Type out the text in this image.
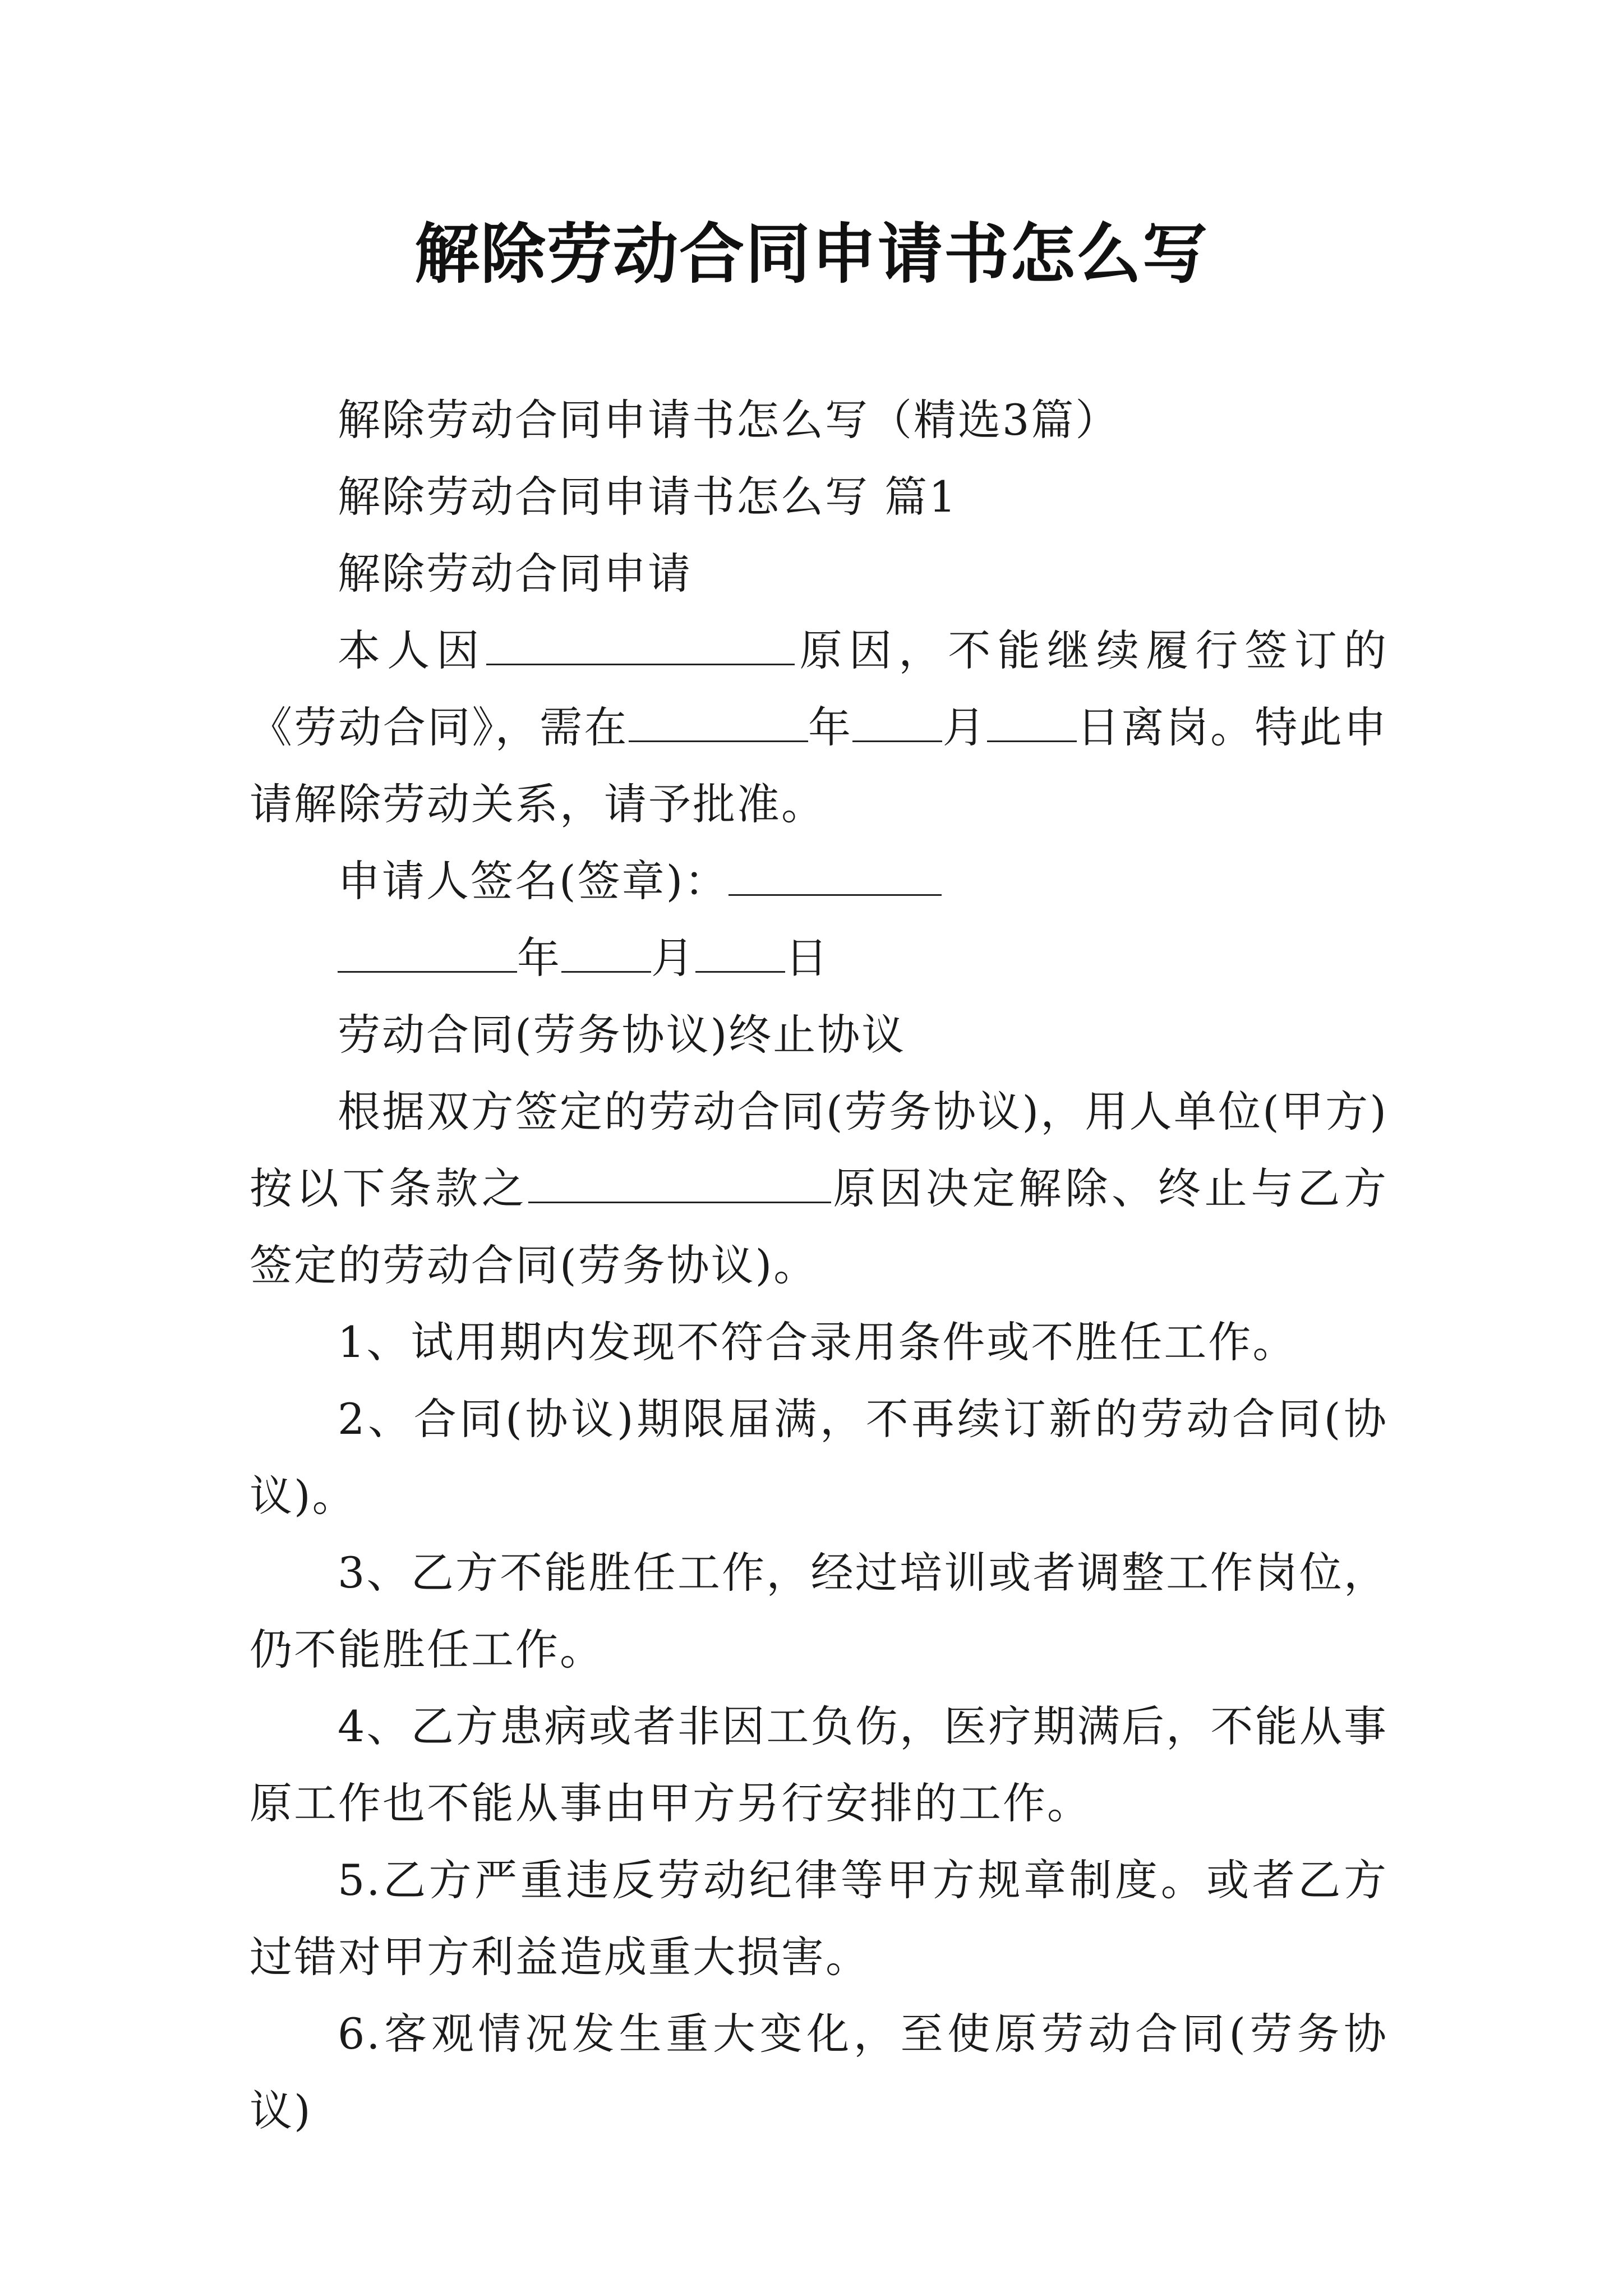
解除劳动合同申请书怎么写

解除劳动合同申请书怎么写（精选3篇）

解除劳动合同申请书怎么写 篇1

解除劳动合同申请

本人因	原因，不能继续履行签订的《劳动合同》，需在	年 月 日离岗。特此申请解除劳动关系，请予批准。

申请人签名(签章)：

年 月 日

劳动合同(劳务协议)终止协议

根据双方签定的劳动合同(劳务协议)，用人单位(甲方)按以下条款之	原因决定解除、终止与乙方签定的劳动合同(劳务协议)。

1、试用期内发现不符合录用条件或不胜任工作。

2、合同(协议)期限届满，不再续订新的劳动合同(协议)。

3、乙方不能胜任工作，经过培训或者调整工作岗位，仍不能胜任工作。

4、乙方患病或者非因工负伤，医疗期满后，不能从事原工作也不能从事由甲方另行安排的工作。

5.乙方严重违反劳动纪律等甲方规章制度。或者乙方过错对甲方利益造成重大损害。

6.客观情况发生重大变化，至使原劳动合同(劳务协议)
